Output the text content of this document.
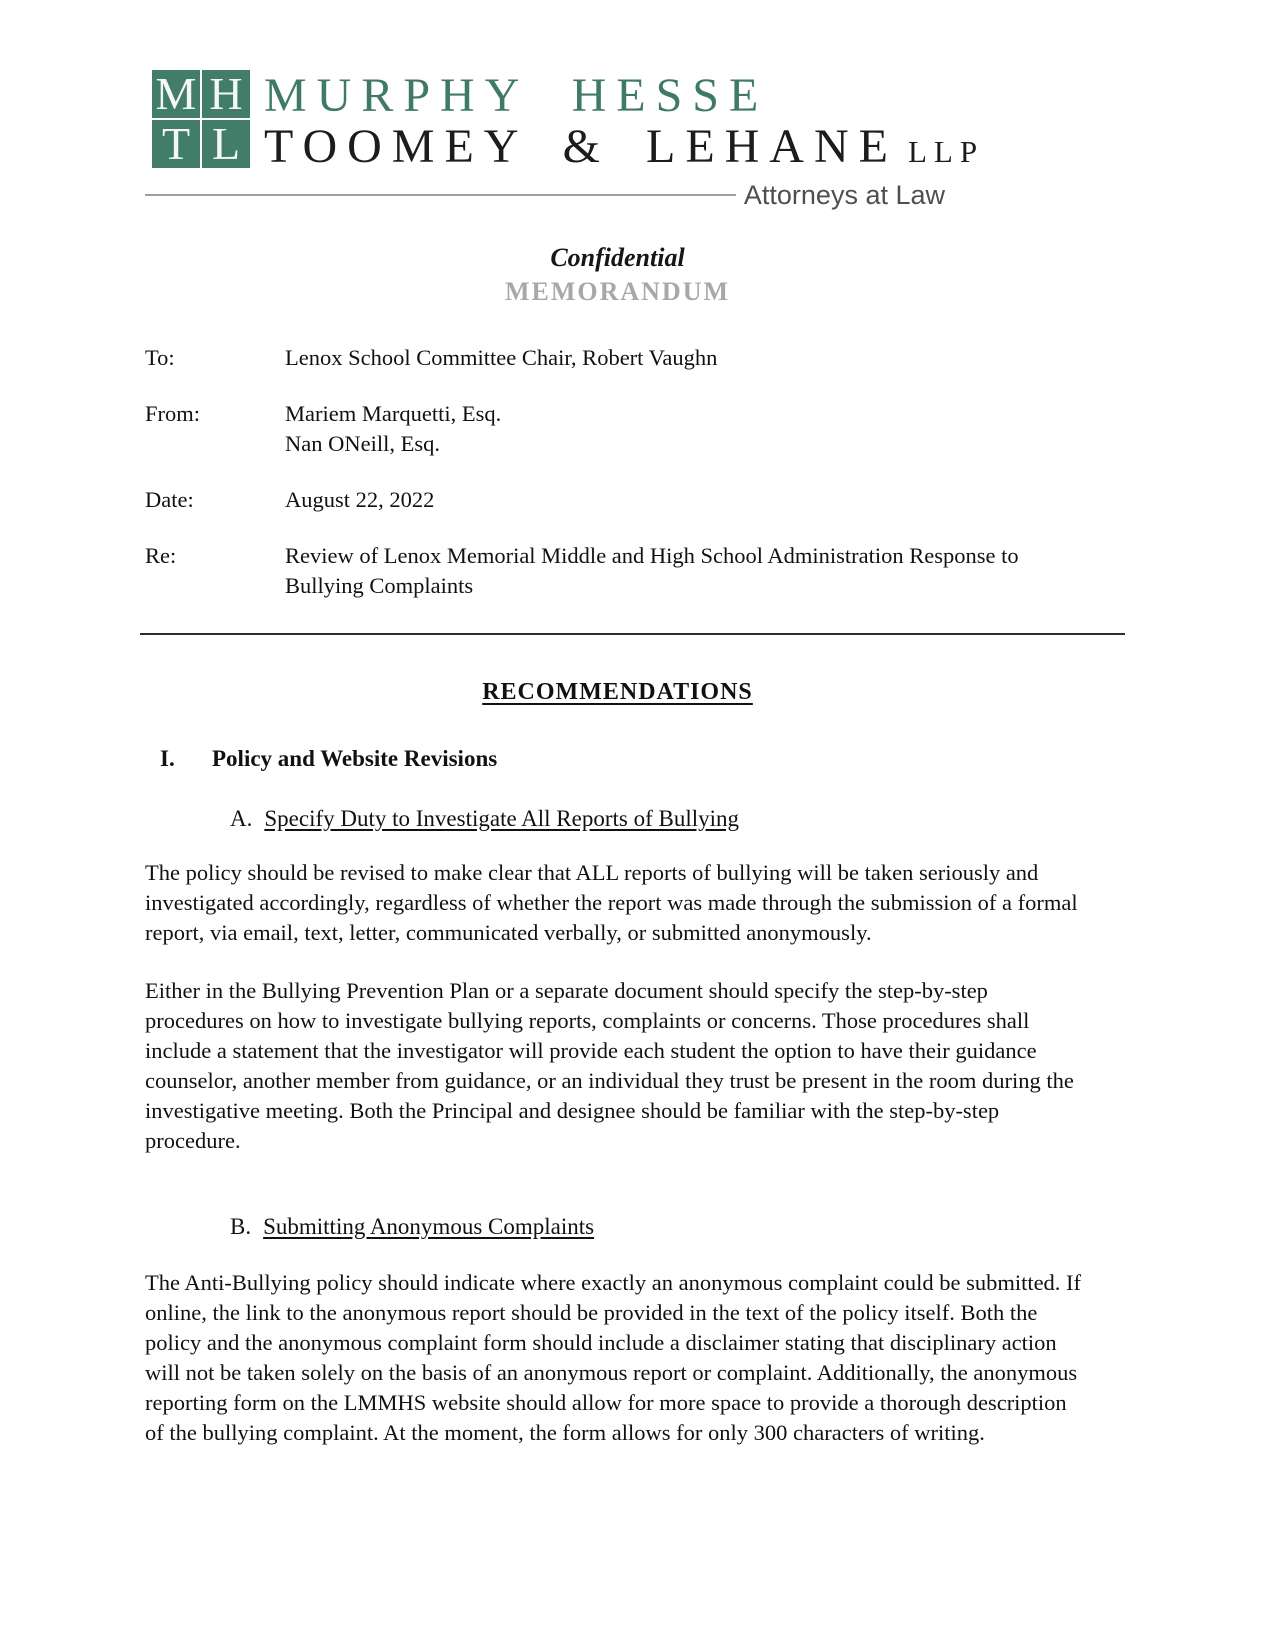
M H
T L
MURPHY HESSE
TOOMEY & LEHANE LLP
Attorneys at Law
Confidential
MEMORANDUM
To:	Lenox School Committee Chair, Robert Vaughn
From:	Mariem Marquetti, Esq.
Nan ONeill, Esq.
Date:	August 22, 2022
Re:	Review of Lenox Memorial Middle and High School Administration Response to Bullying Complaints
RECOMMENDATIONS
I.	Policy and Website Revisions
A. Specify Duty to Investigate All Reports of Bullying
The policy should be revised to make clear that ALL reports of bullying will be taken seriously and investigated accordingly, regardless of whether the report was made through the submission of a formal report, via email, text, letter, communicated verbally, or submitted anonymously.
Either in the Bullying Prevention Plan or a separate document should specify the step-by-step procedures on how to investigate bullying reports, complaints or concerns. Those procedures shall include a statement that the investigator will provide each student the option to have their guidance counselor, another member from guidance, or an individual they trust be present in the room during the investigative meeting. Both the Principal and designee should be familiar with the step-by-step procedure.
B. Submitting Anonymous Complaints
The Anti-Bullying policy should indicate where exactly an anonymous complaint could be submitted. If online, the link to the anonymous report should be provided in the text of the policy itself. Both the policy and the anonymous complaint form should include a disclaimer stating that disciplinary action will not be taken solely on the basis of an anonymous report or complaint. Additionally, the anonymous reporting form on the LMMHS website should allow for more space to provide a thorough description of the bullying complaint. At the moment, the form allows for only 300 characters of writing.
